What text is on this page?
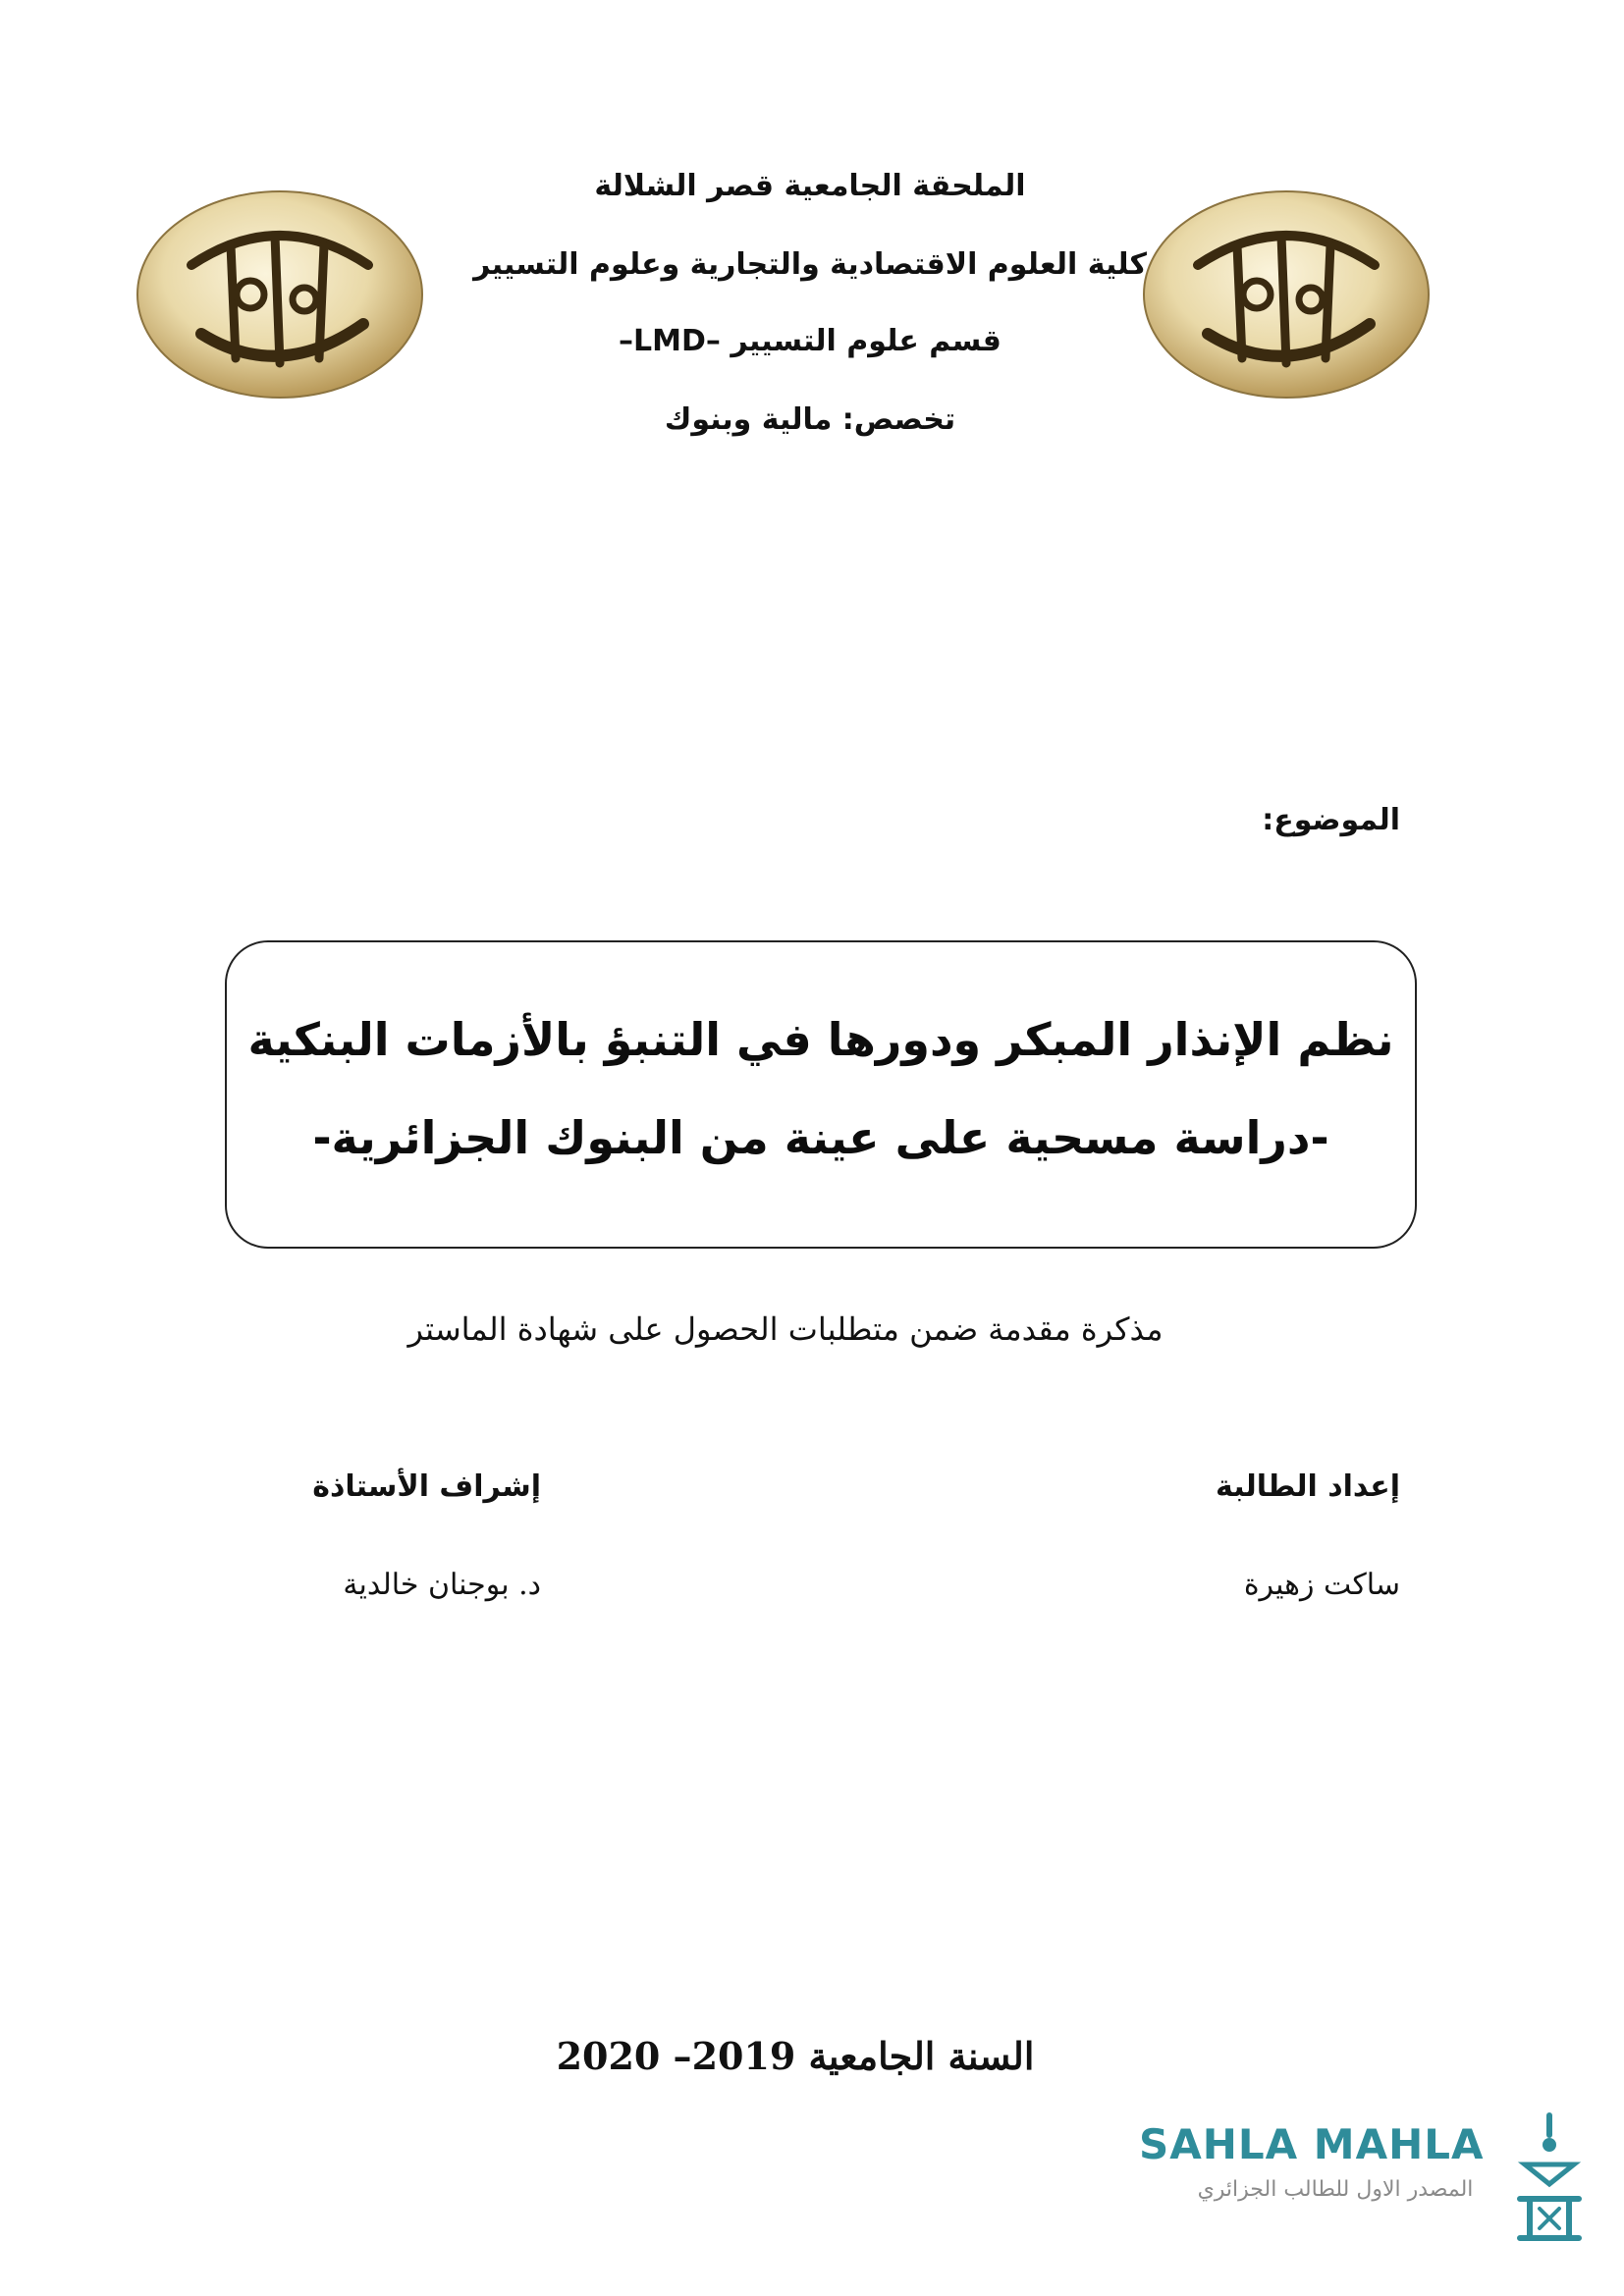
الملحقة الجامعية قصر الشلالة
كلية العلوم الاقتصادية والتجارية وعلوم التسيير
قسم علوم التسيير –LMD–
تخصص: مالية وبنوك
الموضوع:
نظم الإنذار المبكر ودورها في التنبؤ بالأزمات البنكية
-دراسة مسحية على عينة من البنوك الجزائرية-
مذكرة مقدمة ضمن متطلبات الحصول على شهادة الماستر
إعداد الطالبة
إشراف الأستاذة
ساكت زهيرة
د. بوجنان خالدية
السنة الجامعية 2019– 2020
SAHLA MAHLA
المصدر الاول للطالب الجزائري
